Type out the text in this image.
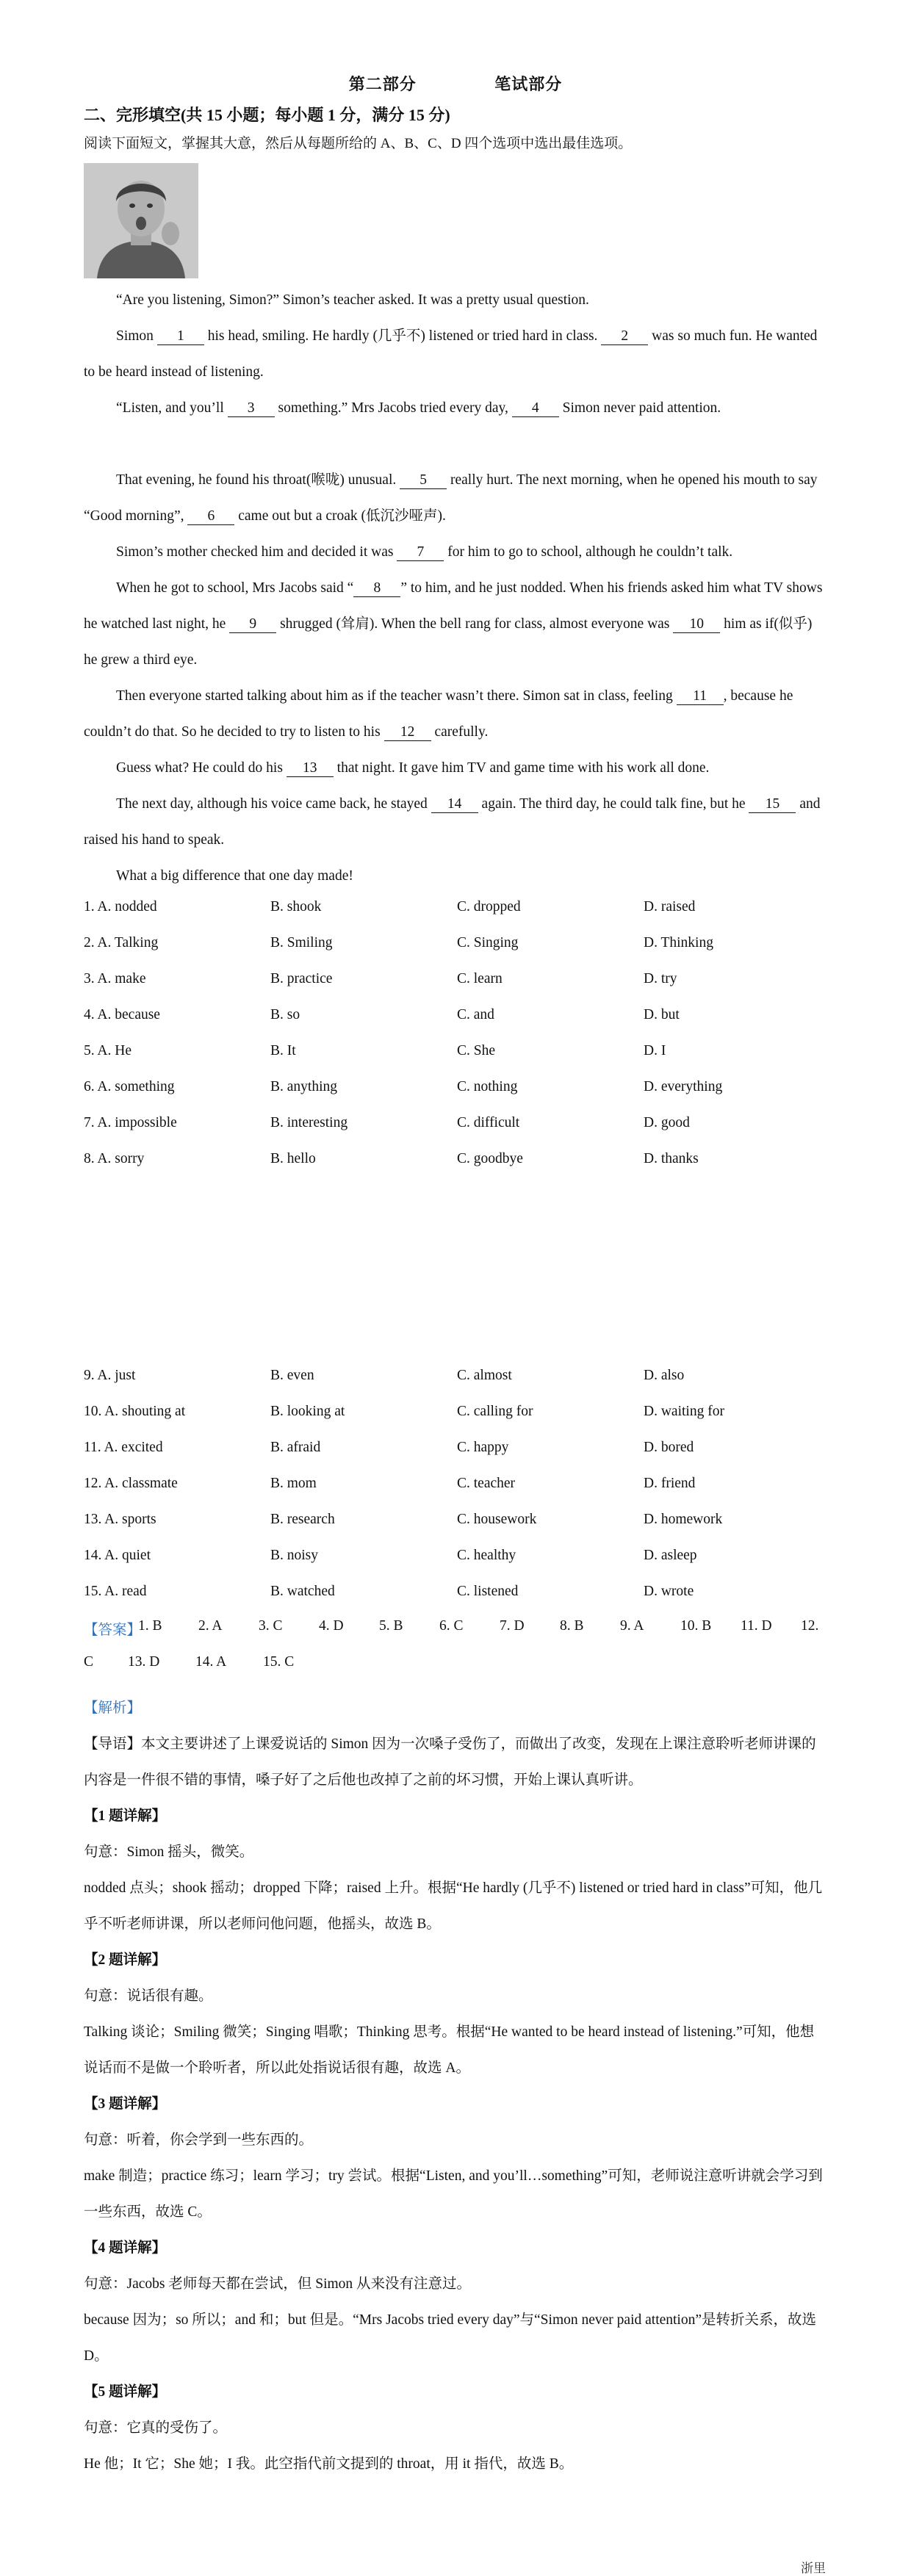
第二部分	笔试部分
二、完形填空(共 15 小题；每小题 1 分，满分 15 分)
阅读下面短文，掌握其大意，然后从每题所给的 A、B、C、D 四个选项中选出最佳选项。
“Are you listening, Simon?” Simon’s teacher asked. It was a pretty usual question.
Simon 1 his head, smiling. He hardly (几乎不) listened or tried hard in class. 2 was so much fun. He wanted to be heard instead of listening.
“Listen, and you’ll 3 something.” Mrs Jacobs tried every day, 4 Simon never paid attention.
That evening, he found his throat(喉咙) unusual. 5 really hurt. The next morning, when he opened his mouth to say “Good morning”, 6 came out but a croak (低沉沙哑声).
Simon’s mother checked him and decided it was 7 for him to go to school, although he couldn’t talk.
When he got to school, Mrs Jacobs said “ 8 ” to him, and he just nodded. When his friends asked him what TV shows he watched last night, he 9 shrugged (耸肩). When the bell rang for class, almost everyone was 10 him as if(似乎) he grew a third eye.
Then everyone started talking about him as if the teacher wasn’t there. Simon sat in class, feeling 11 , because he couldn’t do that. So he decided to try to listen to his 12 carefully.
Guess what? He could do his 13 that night. It gave him TV and game time with his work all done.
The next day, although his voice came back, he stayed 14 again. The third day, he could talk fine, but he 15 and raised his hand to speak.
What a big difference that one day made!
1. A. nodded	B. shook	C. dropped	D. raised
2. A. Talking	B. Smiling	C. Singing	D. Thinking
3. A. make	B. practice	C. learn	D. try
4. A. because	B. so	C. and	D. but
5. A. He	B. It	C. She	D. I
6. A. something	B. anything	C. nothing	D. everything
7. A. impossible	B. interesting	C. difficult	D. good
8. A. sorry	B. hello	C. goodbye	D. thanks
9. A. just	B. even	C. almost	D. also
10. A. shouting at	B. looking at	C. calling for	D. waiting for
11. A. excited	B. afraid	C. happy	D. bored
12. A. classmate	B. mom	C. teacher	D. friend
13. A. sports	B. research	C. housework	D. homework
14. A. quiet	B. noisy	C. healthy	D. asleep
15. A. read	B. watched	C. listened	D. wrote
【答案】
1. B	2. A	3. C	4. D 5. B	6. C	7. D 8. B	9. A	10. B 11. D 12.
C 13. D 14. A	15. C
【解析】
【导语】本文主要讲述了上课爱说话的 Simon 因为一次嗓子受伤了，而做出了改变，发现在上课注意聆听老师讲课的内容是一件很不错的事情，嗓子好了之后他也改掉了之前的坏习惯，开始上课认真听讲。
【1 题详解】
句意：Simon 摇头，微笑。
nodded 点头；shook 摇动；dropped 下降；raised 上升。根据“He hardly (几乎不) listened or tried hard in class”可知，他几乎不听老师讲课，所以老师问他问题，他摇头，故选 B。
【2 题详解】
句意：说话很有趣。
Talking 谈论；Smiling 微笑；Singing 唱歌；Thinking 思考。根据“He wanted to be heard instead of listening.”可知，他想说话而不是做一个聆听者，所以此处指说话很有趣，故选 A。
【3 题详解】
句意：听着，你会学到一些东西的。
make 制造；practice 练习；learn 学习；try 尝试。根据“Listen, and you’ll…something”可知，老师说注意听讲就会学习到一些东西，故选 C。
【4 题详解】
句意：Jacobs 老师每天都在尝试，但 Simon 从来没有注意过。
because 因为；so 所以；and 和；but 但是。“Mrs Jacobs tried every day”与“Simon never paid attention”是转折关系，故选 D。
【5 题详解】
句意：它真的受伤了。
He 他；It 它；She 她；I 我。此空指代前文提到的 throat，用 it 指代，故选 B。
浙里
